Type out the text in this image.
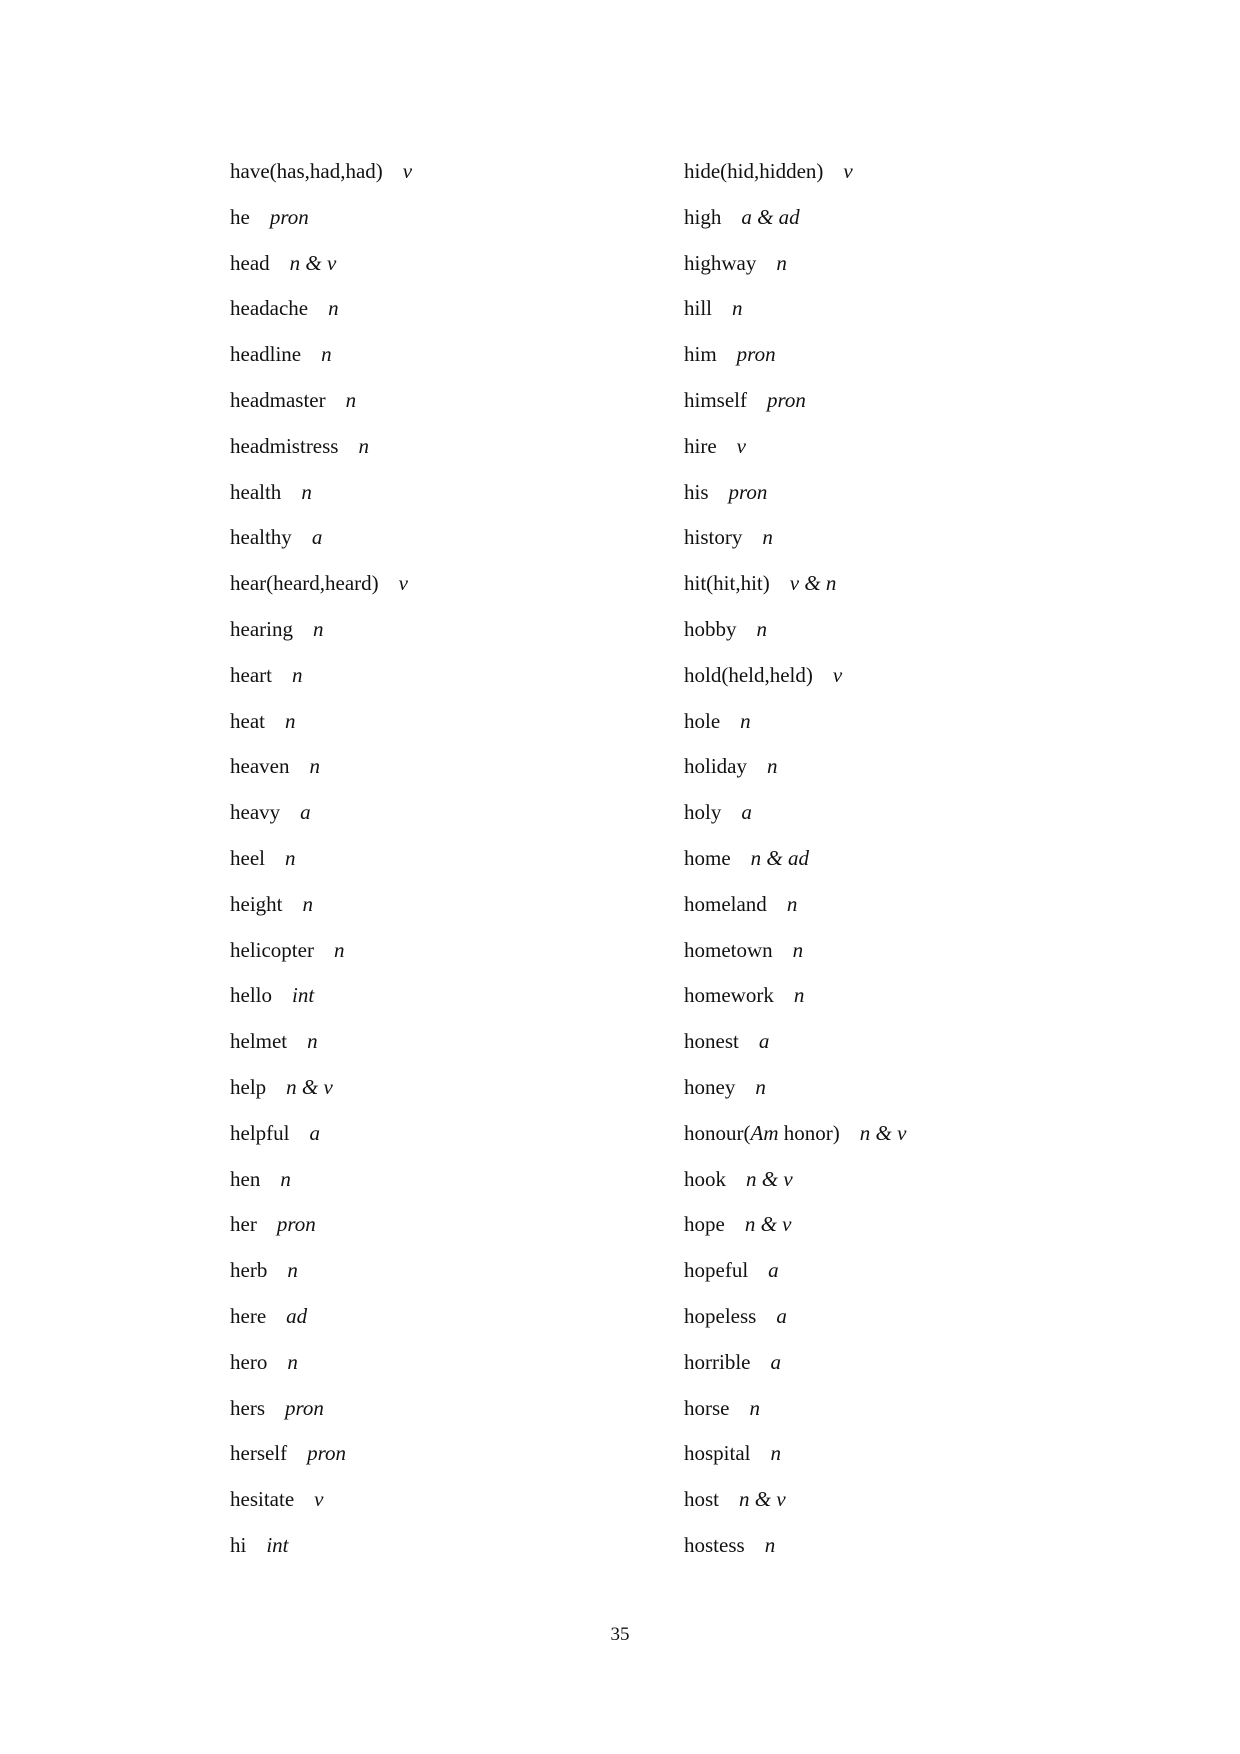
have(has,had,had) v
he pron
head n & v
headache n
headline n
headmaster n
headmistress n
health n
healthy a
hear(heard,heard) v
hearing n
heart n
heat n
heaven n
heavy a
heel n
height n
helicopter n
hello int
helmet n
help n & v
helpful a
hen n
her pron
herb n
here ad
hero n
hers pron
herself pron
hesitate v
hi int
hide(hid,hidden) v
high a & ad
highway n
hill n
him pron
himself pron
hire v
his pron
history n
hit(hit,hit) v & n
hobby n
hold(held,held) v
hole n
holiday n
holy a
home n & ad
homeland n
hometown n
homework n
honest a
honey n
honour(Am honor) n & v
hook n & v
hope n & v
hopeful a
hopeless a
horrible a
horse n
hospital n
host n & v
hostess n
35
